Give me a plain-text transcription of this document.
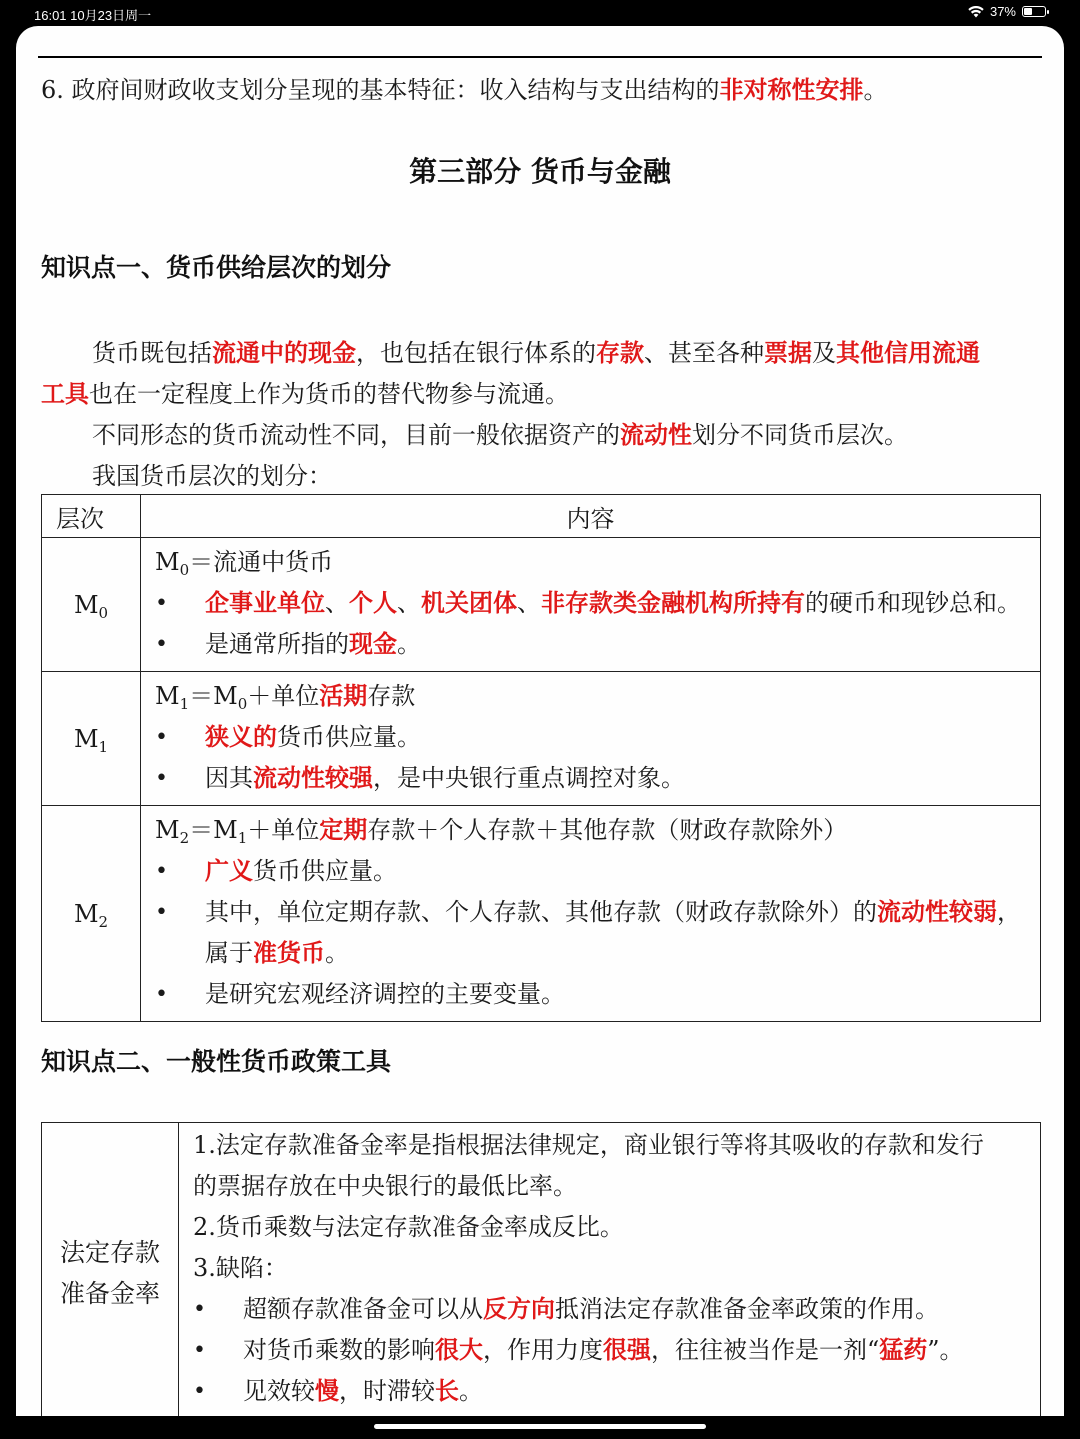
16:01 10月23日周一	37%
6. 政府间财政收支划分呈现的基本特征：收入结构与支出结构的非对称性安排。
第三部分 货币与金融
知识点一、货币供给层次的划分
货币既包括流通中的现金，也包括在银行体系的存款、甚至各种票据及其他信用流通
工具也在一定程度上作为货币的替代物参与流通。
不同形态的货币流动性不同，目前一般依据资产的流动性划分不同货币层次。
我国货币层次的划分：
层次	内容
$M_0$	$M_0=$流通中货币
• 企事业单位、个人、机关团体、非存款类金融机构所持有的硬币和现钞总和。
• 是通常所指的现金。

$M_1$	$M_1=M_0+$单位活期存款
• 狭义的货币供应量。
• 因其流动性较强，是中央银行重点调控对象。

$M_2$	$M_2=M_1+$单位定期存款＋个人存款＋其他存款（财政存款除外）
• 广义货币供应量。
• 其中，单位定期存款、个人存款、其他存款（财政存款除外）的流动性较弱，
属于准货币。
• 是研究宏观经济调控的主要变量。
知识点二、一般性货币政策工具
法定存款
准备金率

1.法定存款准备金率是指根据法律规定，商业银行等将其吸收的存款和发行
的票据存放在中央银行的最低比率。
2.货币乘数与法定存款准备金率成反比。
3.缺陷：
• 超额存款准备金可以从反方向抵消法定存款准备金率政策的作用。
• 对货币乘数的影响很大，作用力度很强，往往被当作是一剂“猛药”。
• 见效较慢，时滞较长。
